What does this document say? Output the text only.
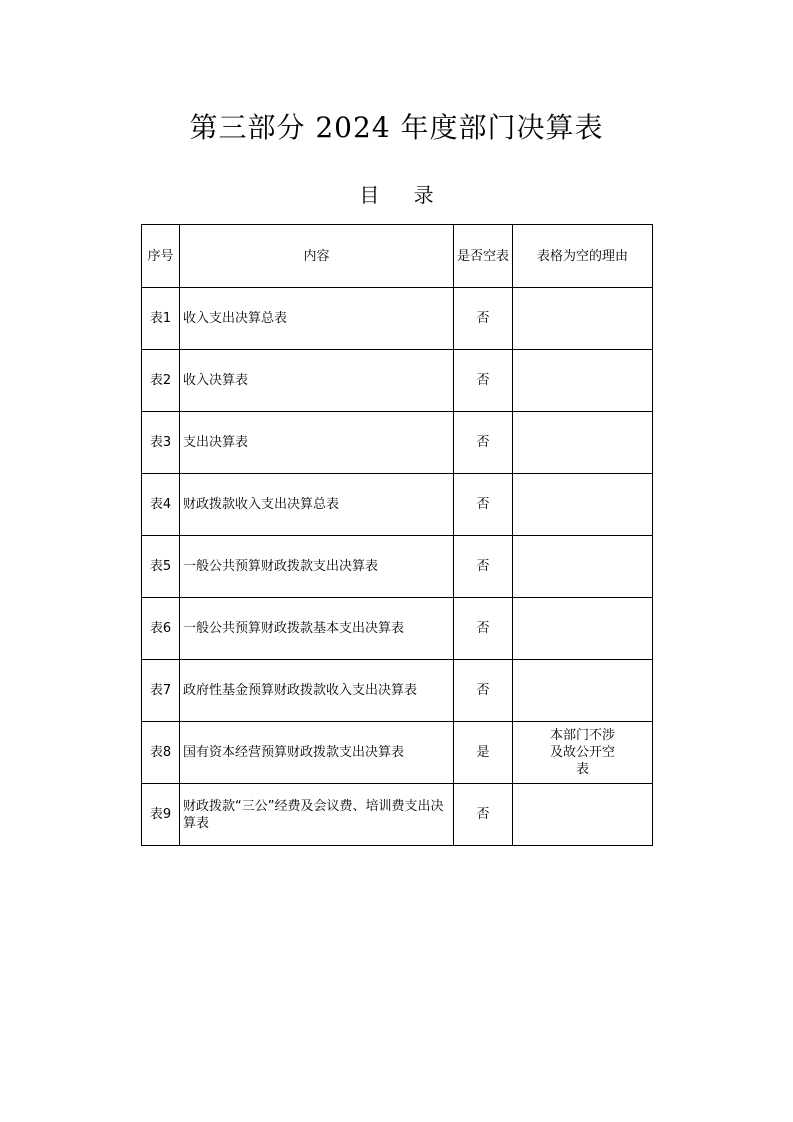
第三部分 2024 年度部门决算表
目 录
序号	内容	是否空表	表格为空的理由
表1	收入支出决算总表	否	
表2	收入决算表	否	
表3	支出决算表	否	
表4	财政拨款收入支出决算总表	否	
表5	一般公共预算财政拨款支出决算表	否	
表6	一般公共预算财政拨款基本支出决算表	否	
表7	政府性基金预算财政拨款收入支出决算表	否	
表8	国有资本经营预算财政拨款支出决算表	是	本部门不涉及故公开空表
表9	财政拨款“三公”经费及会议费、培训费支出决算表	否	
